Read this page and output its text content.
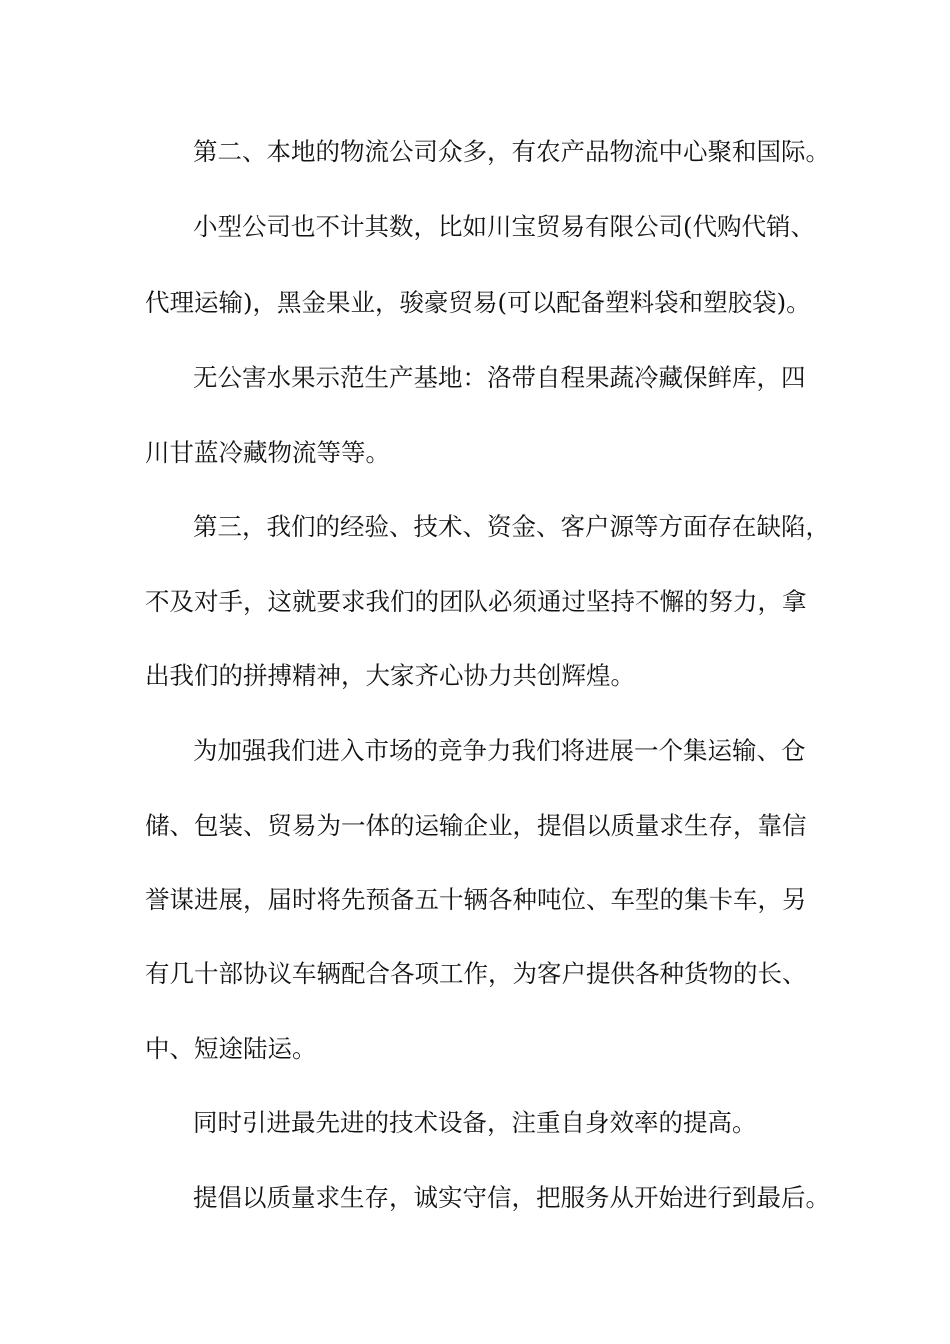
第二、本地的物流公司众多，有农产品物流中心聚和国际。
小型公司也不计其数，比如川宝贸易有限公司(代购代销、
代理运输)，黑金果业，骏豪贸易(可以配备塑料袋和塑胶袋)。
无公害水果示范生产基地：洛带自程果蔬冷藏保鲜库，四
川甘蓝冷藏物流等等。
第三，我们的经验、技术、资金、客户源等方面存在缺陷，
不及对手，这就要求我们的团队必须通过坚持不懈的努力，拿
出我们的拼搏精神，大家齐心协力共创辉煌。
为加强我们进入市场的竞争力我们将进展一个集运输、仓
储、包装、贸易为一体的运输企业，提倡以质量求生存，靠信
誉谋进展，届时将先预备五十辆各种吨位、车型的集卡车，另
有几十部协议车辆配合各项工作，为客户提供各种货物的长、
中、短途陆运。
同时引进最先进的技术设备，注重自身效率的提高。
提倡以质量求生存，诚实守信，把服务从开始进行到最后。
